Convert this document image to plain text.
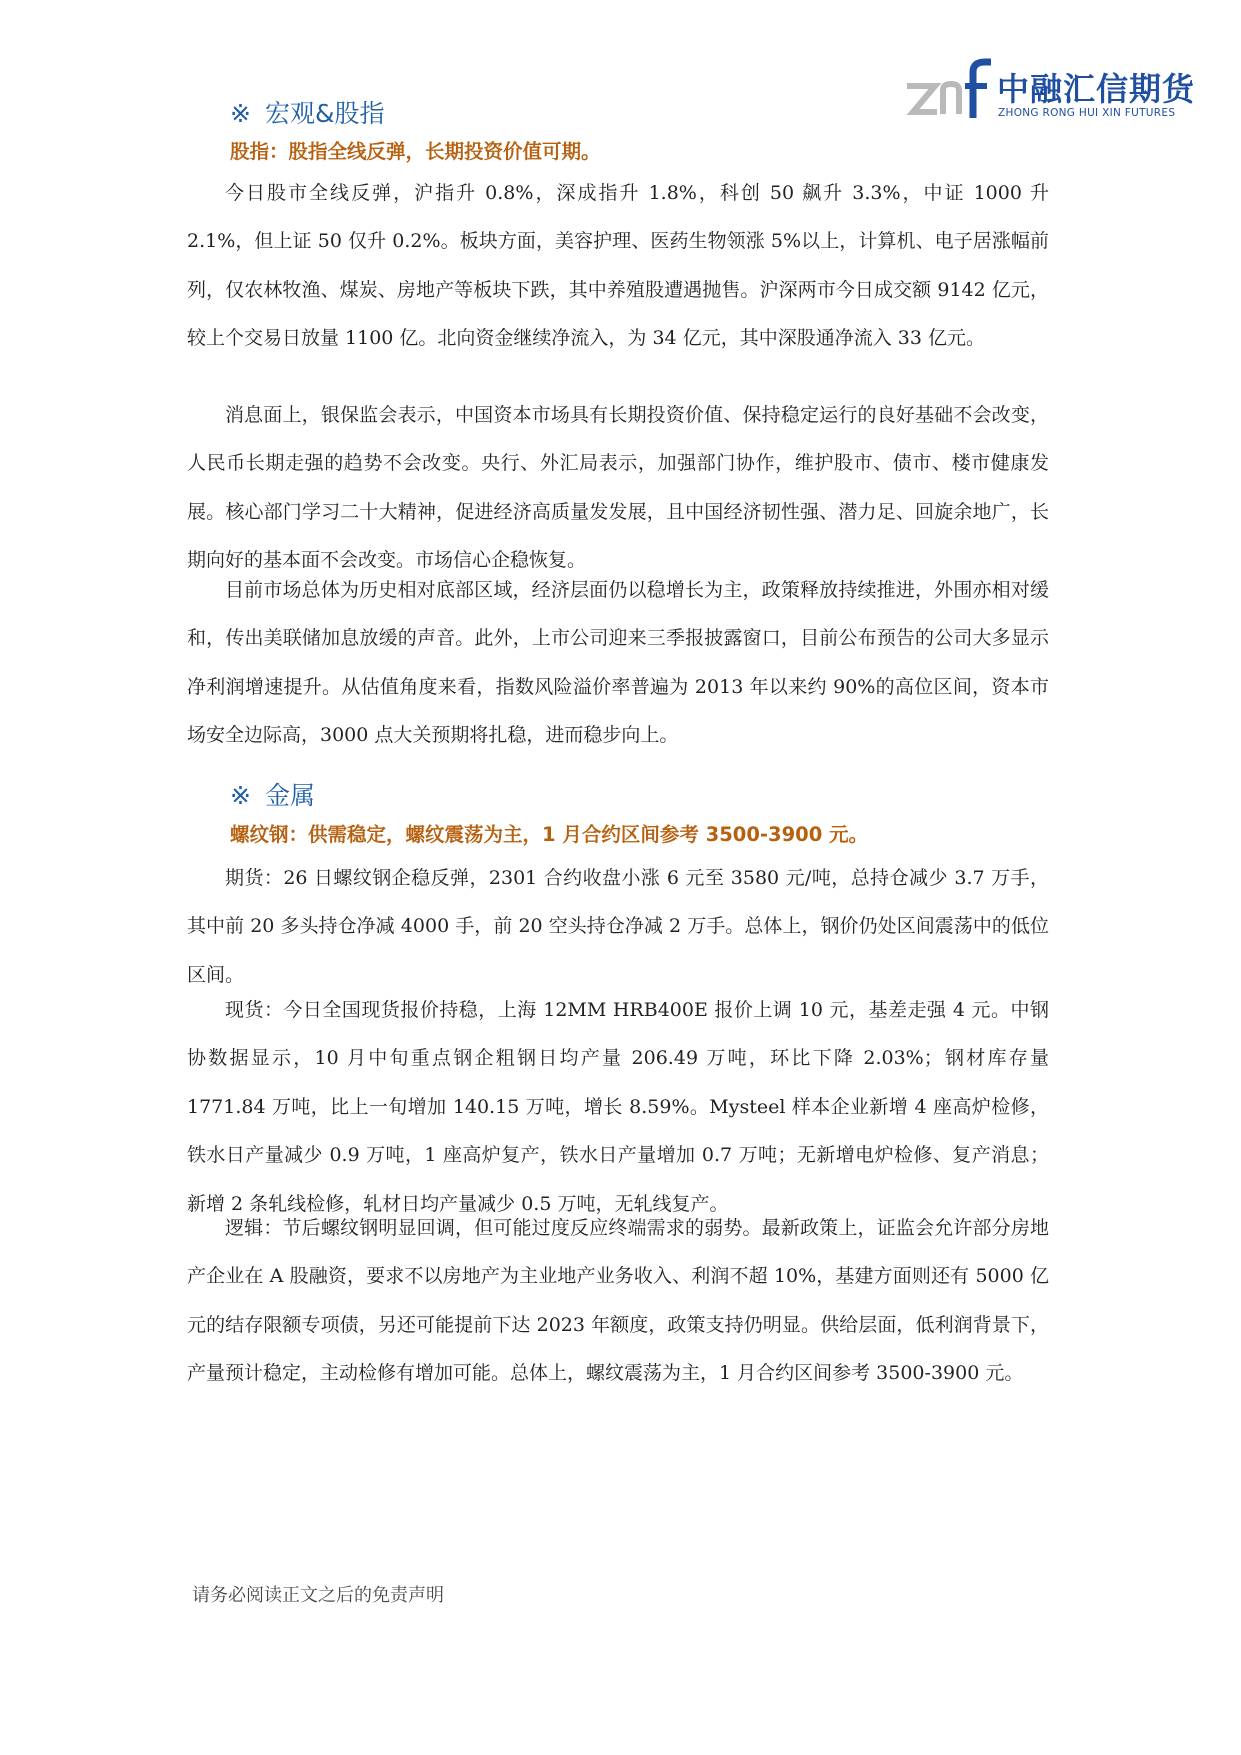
中融汇信期货
ZHONG RONG HUI XIN FUTURES
※ 宏观&股指
股指：股指全线反弹，长期投资价值可期。

今日股市全线反弹，沪指升 0.8%，深成指升 1.8%，科创 50 飙升 3.3%，中证 1000 升 2.1%，但上证 50 仅升 0.2%。板块方面，美容护理、医药生物领涨 5%以上，计算机、电子居涨幅前列，仅农林牧渔、煤炭、房地产等板块下跌，其中养殖股遭遇抛售。沪深两市今日成交额 9142 亿元，较上个交易日放量 1100 亿。北向资金继续净流入，为 34 亿元，其中深股通净流入 33 亿元。

消息面上，银保监会表示，中国资本市场具有长期投资价值、保持稳定运行的良好基础不会改变，人民币长期走强的趋势不会改变。央行、外汇局表示，加强部门协作，维护股市、债市、楼市健康发展。核心部门学习二十大精神，促进经济高质量发发展，且中国经济韧性强、潜力足、回旋余地广，长期向好的基本面不会改变。市场信心企稳恢复。

目前市场总体为历史相对底部区域，经济层面仍以稳增长为主，政策释放持续推进，外围亦相对缓和，传出美联储加息放缓的声音。此外，上市公司迎来三季报披露窗口，目前公布预告的公司大多显示净利润增速提升。从估值角度来看，指数风险溢价率普遍为 2013 年以来约 90%的高位区间，资本市场安全边际高，3000 点大关预期将扎稳，进而稳步向上。

※ 金属
螺纹钢：供需稳定，螺纹震荡为主，1 月合约区间参考 3500-3900 元。

期货：26 日螺纹钢企稳反弹，2301 合约收盘小涨 6 元至 3580 元/吨，总持仓减少 3.7 万手，其中前 20 多头持仓净减 4000 手，前 20 空头持仓净减 2 万手。总体上，钢价仍处区间震荡中的低位区间。

现货：今日全国现货报价持稳，上海 12MM HRB400E 报价上调 10 元，基差走强 4 元。中钢协数据显示，10 月中旬重点钢企粗钢日均产量 206.49 万吨，环比下降 2.03%；钢材库存量 1771.84 万吨，比上一旬增加 140.15 万吨，增长 8.59%。Mysteel 样本企业新增 4 座高炉检修，铁水日产量减少 0.9 万吨，1 座高炉复产，铁水日产量增加 0.7 万吨；无新增电炉检修、复产消息；新增 2 条轧线检修，轧材日均产量减少 0.5 万吨，无轧线复产。

逻辑：节后螺纹钢明显回调，但可能过度反应终端需求的弱势。最新政策上，证监会允许部分房地产企业在 A 股融资，要求不以房地产为主业地产业务收入、利润不超 10%，基建方面则还有 5000 亿元的结存限额专项债，另还可能提前下达 2023 年额度，政策支持仍明显。供给层面，低利润背景下，产量预计稳定，主动检修有增加可能。总体上，螺纹震荡为主，1 月合约区间参考 3500-3900 元。

请务必阅读正文之后的免责声明
